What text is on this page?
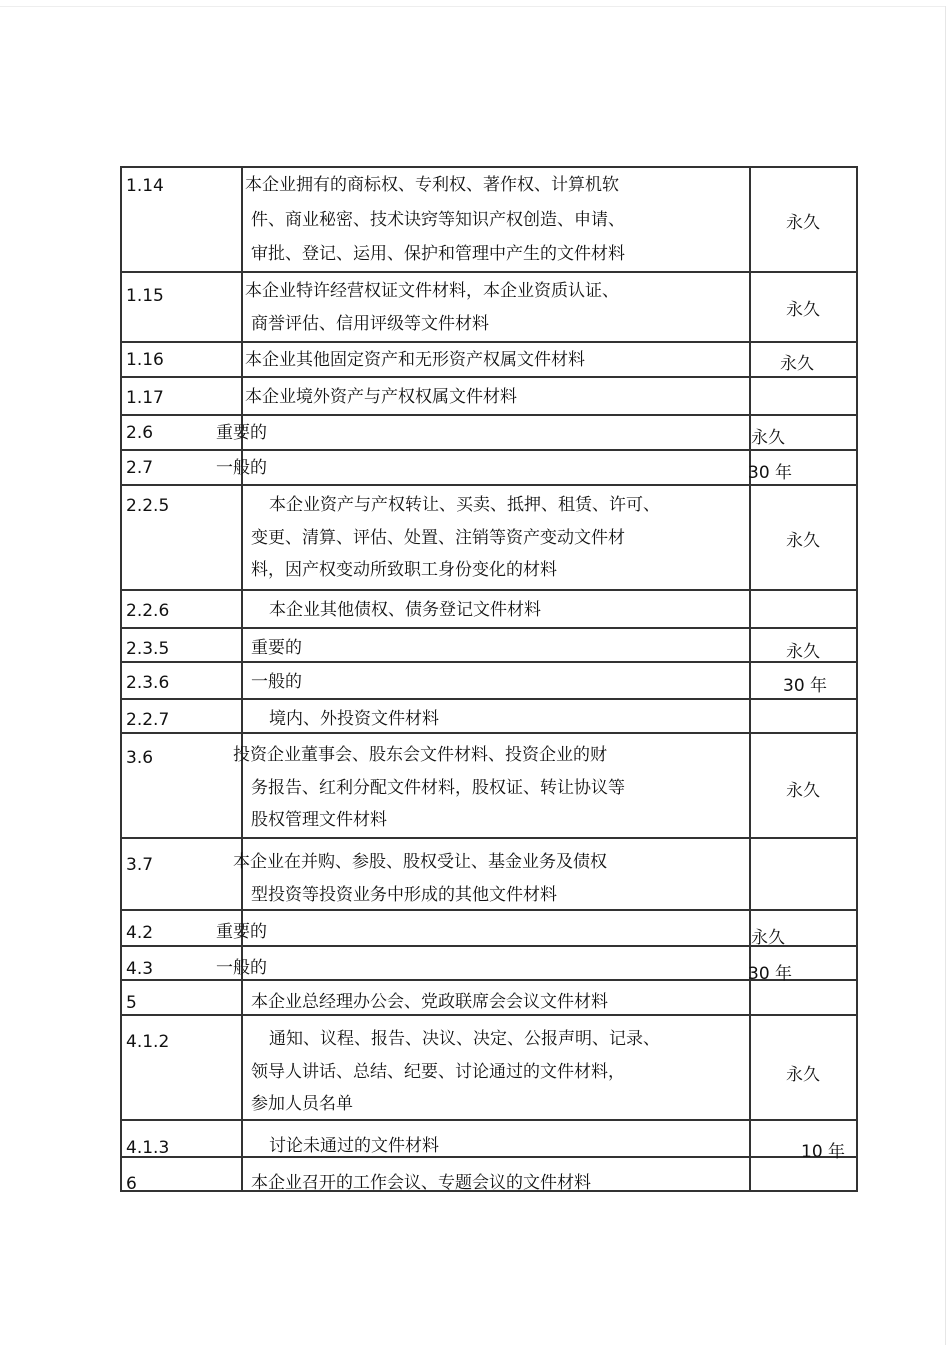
1.14	本企业拥有的商标权、专利权、著作权、计算机软
件、商业秘密、技术诀窍等知识产权创造、申请、
审批、登记、运用、保护和管理中产生的文件材料
永久
1.15	本企业特许经营权证文件材料，本企业资质认证、
商誉评估、信用评级等文件材料
永久
1.16	本企业其他固定资产和无形资产权属文件材料	永久
1.17	本企业境外资产与产权权属文件材料
2.6	重要的	永久
2.7	一般的	30 年
2.2.5	本企业资产与产权转让、买卖、抵押、租赁、许可、
变更、清算、评估、处置、注销等资产变动文件材
料，因产权变动所致职工身份变化的材料
永久
2.2.6	本企业其他债权、债务登记文件材料
2.3.5	重要的	永久
2.3.6	一般的	30 年
2.2.7	境内、外投资文件材料
3.6	投资企业董事会、股东会文件材料、投资企业的财
务报告、红利分配文件材料，股权证、转让协议等
股权管理文件材料
永久
3.7	本企业在并购、参股、股权受让、基金业务及债权
型投资等投资业务中形成的其他文件材料
4.2	重要的	永久
4.3	一般的	30 年
5	本企业总经理办公会、党政联席会会议文件材料
4.1.2	通知、议程、报告、决议、决定、公报声明、记录、
领导人讲话、总结、纪要、讨论通过的文件材料，
参加人员名单
永久
4.1.3	讨论未通过的文件材料	10 年
6	本企业召开的工作会议、专题会议的文件材料
